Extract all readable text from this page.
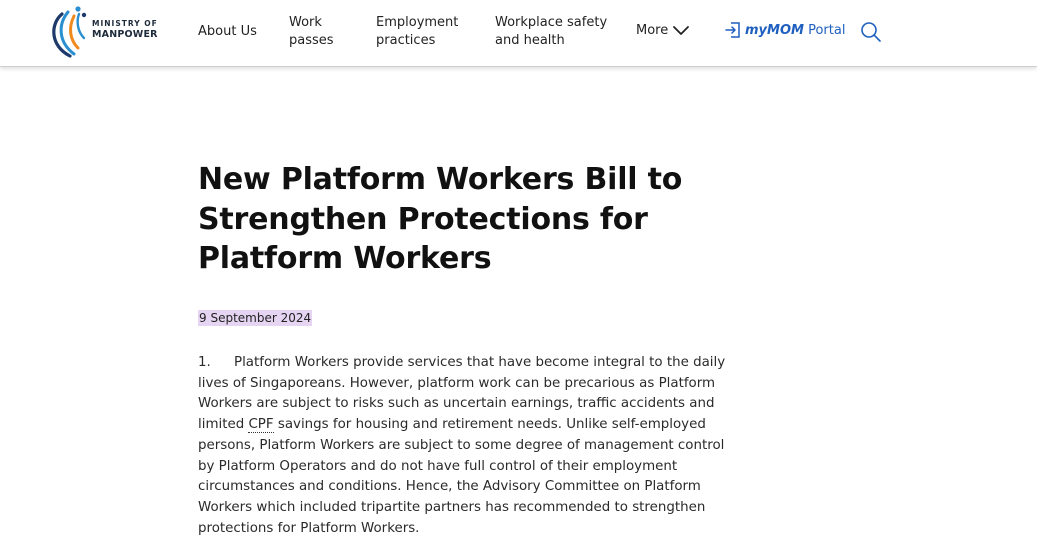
MINISTRY OF
MANPOWER	About Us
Work
passes
Employment
practices
Workplace safety
and health
More	myMOM Portal
New Platform Workers Bill to Strengthen Protections for Platform Workers
9 September 2024

1. Platform Workers provide services that have become integral to the daily lives of Singaporeans. However, platform work can be precarious as Platform Workers are subject to risks such as uncertain earnings, traffic accidents and limited CPF savings for housing and retirement needs. Unlike self-employed persons, Platform Workers are subject to some degree of management control by Platform Operators and do not have full control of their employment circumstances and conditions. Hence, the Advisory Committee on Platform Workers which included tripartite partners has recommended to strengthen protections for Platform Workers.
